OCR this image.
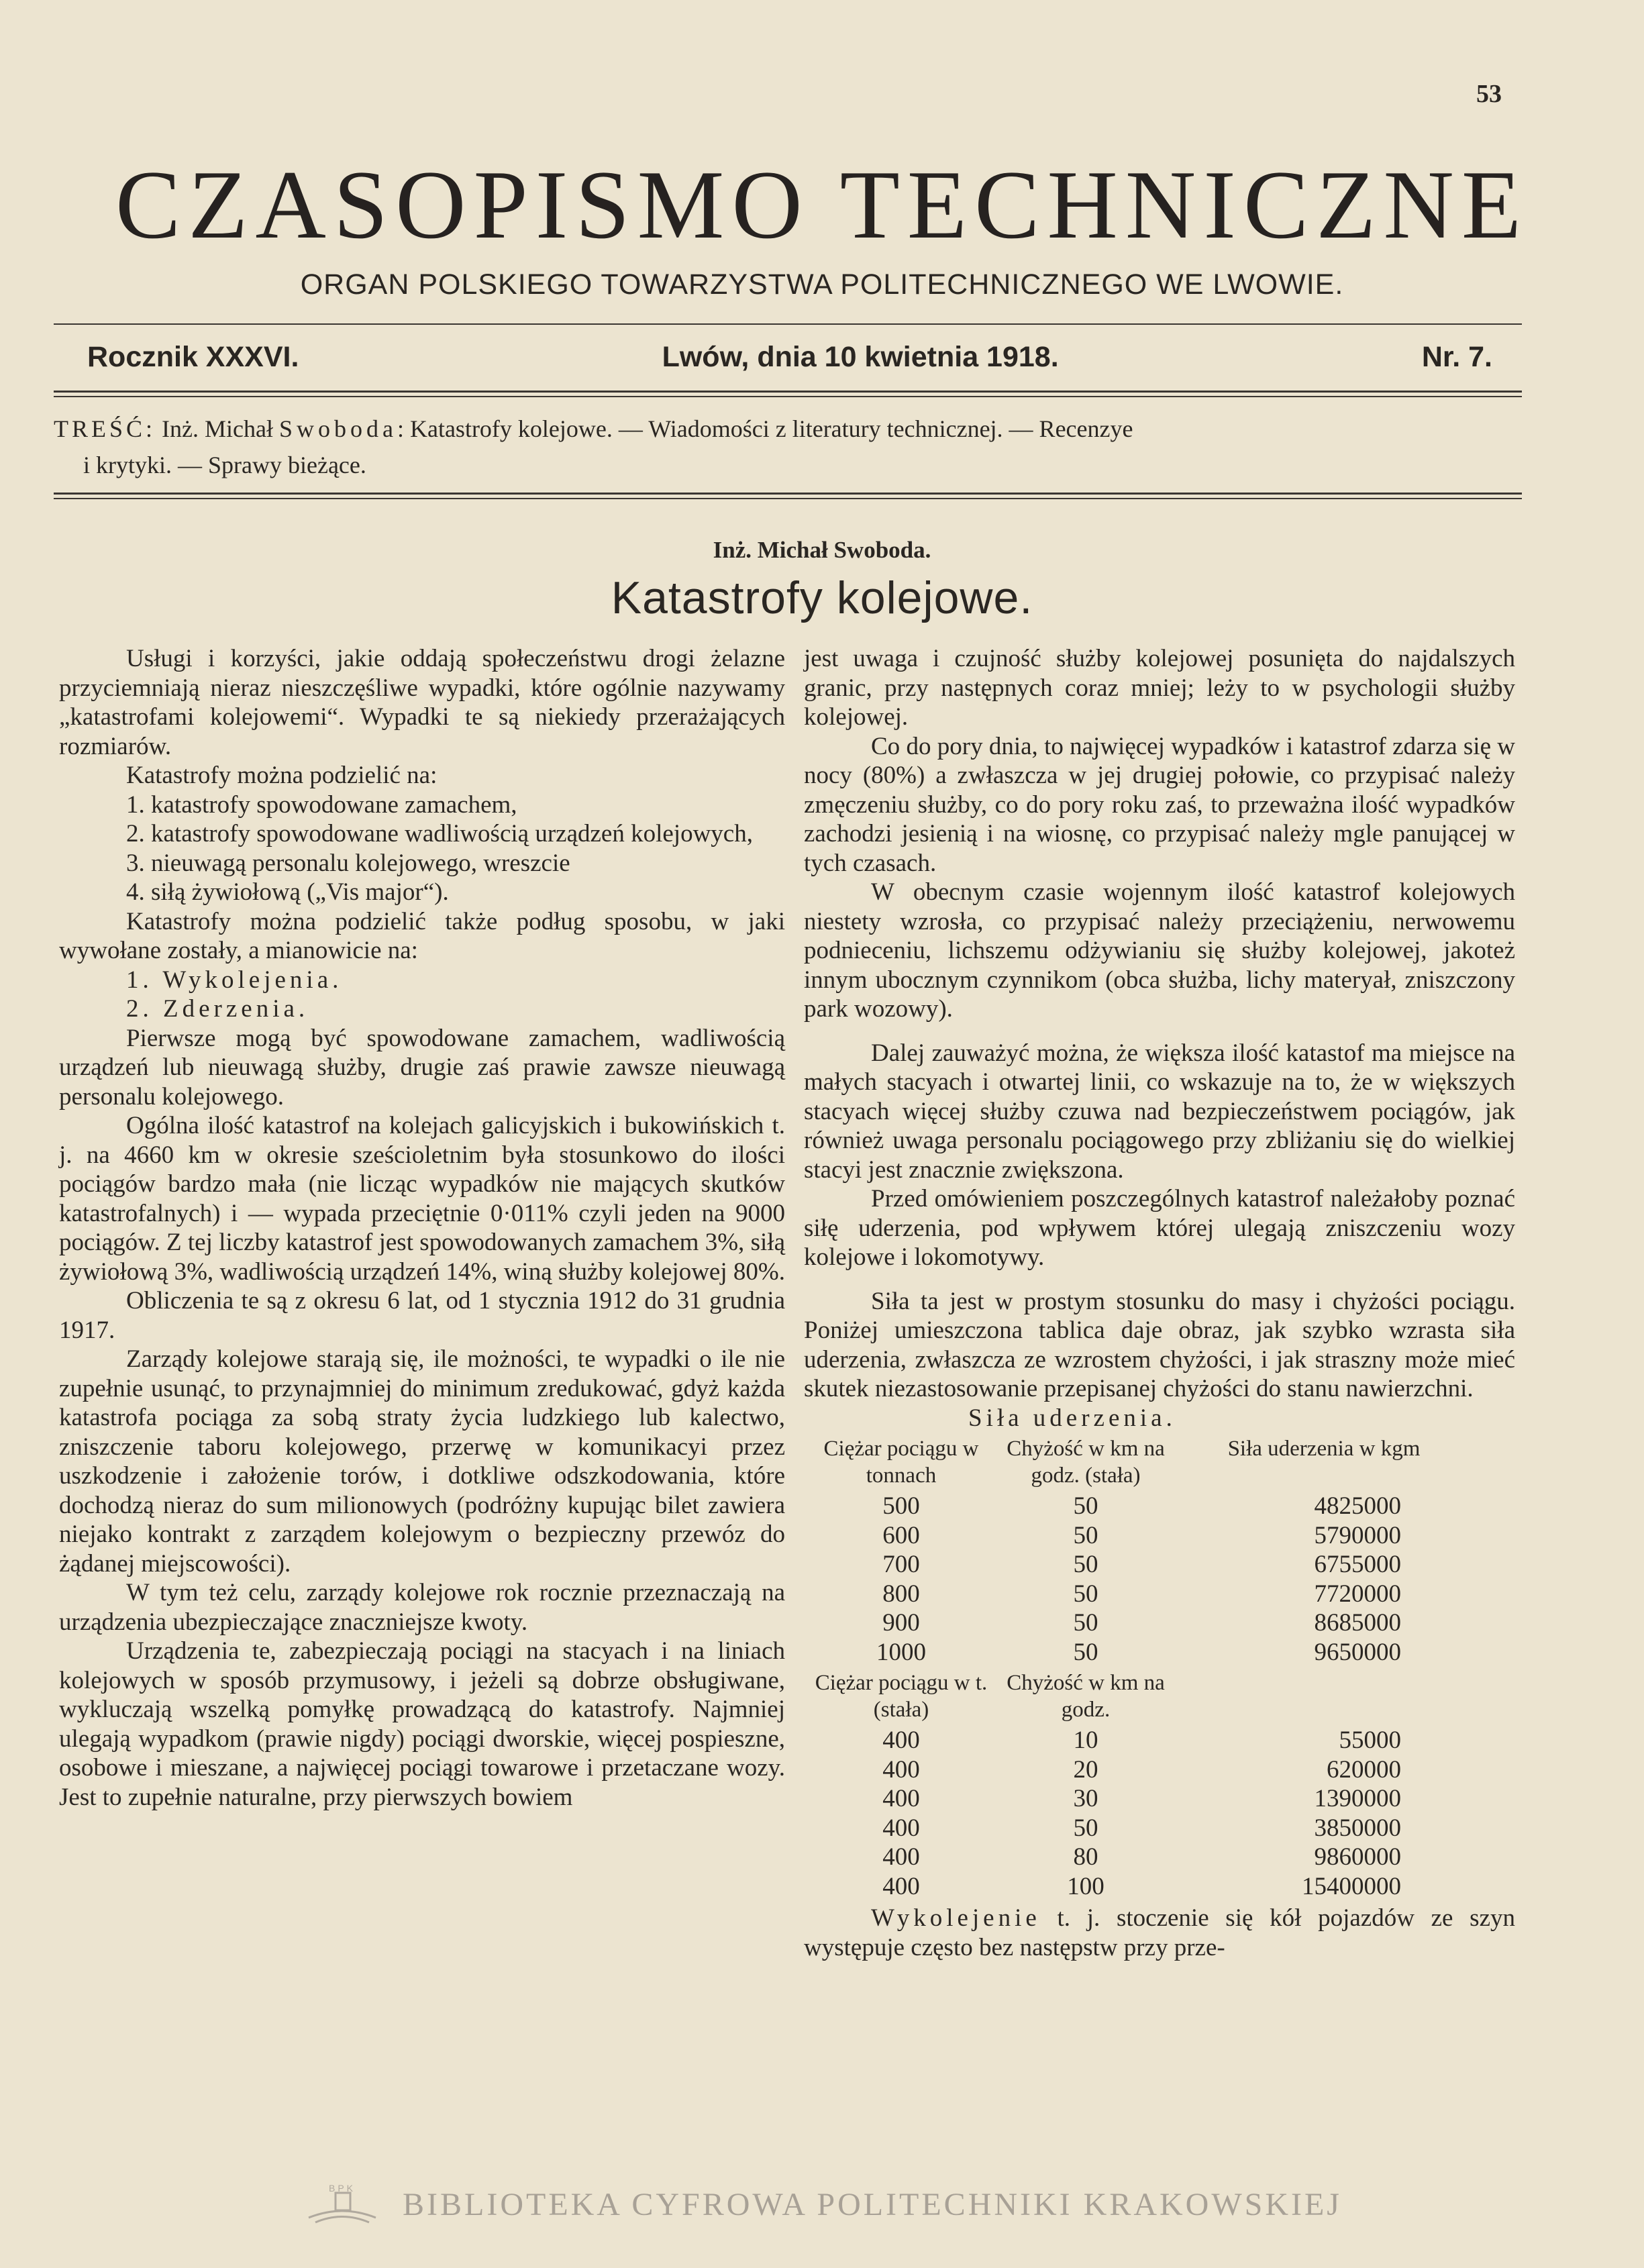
53
CZASOPISMO TECHNICZNE
ORGAN POLSKIEGO TOWARZYSTWA POLITECHNICZNEGO WE LWOWIE.
Rocznik XXXVI.	Lwów, dnia 10 kwietnia 1918.	Nr. 7.
TREŚĆ: Inż. Michał Swoboda: Katastrofy kolejowe. — Wiadomości z literatury technicznej. — Recenzye
i krytyki. — Sprawy bieżące.
Inż. Michał Swoboda.
Katastrofy kolejowe.

Usługi i korzyści, jakie oddają społeczeństwu drogi żelazne przyciemniają nieraz nieszczęśliwe wypadki, które ogólnie nazywamy „katastrofami kolejowemi“. Wypadki te są niekiedy przerażających rozmiarów.

Katastrofy można podzielić na:

1. katastrofy spowodowane zamachem,

2. katastrofy spowodowane wadliwością urządzeń kolejowych,

3. nieuwagą personalu kolejowego, wreszcie

4. siłą żywiołową („Vis major“).

Katastrofy można podzielić także podług sposobu, w jaki wywołane zostały, a mianowicie na:

1. Wykolejenia.

2. Zderzenia.

Pierwsze mogą być spowodowane zamachem, wadliwością urządzeń lub nieuwagą służby, drugie zaś prawie zawsze nieuwagą personalu kolejowego.

Ogólna ilość katastrof na kolejach galicyjskich i bukowińskich t. j. na 4660 km w okresie sześcioletnim była stosunkowo do ilości pociągów bardzo mała (nie licząc wypadków nie mających skutków katastrofalnych) i — wypada przeciętnie 0·011% czyli jeden na 9000 pociągów. Z tej liczby katastrof jest spowodowanych zamachem 3%, siłą żywiołową 3%, wadliwością urządzeń 14%, winą służby kolejowej 80%.

Obliczenia te są z okresu 6 lat, od 1 stycznia 1912 do 31 grudnia 1917.

Zarządy kolejowe starają się, ile możności, te wypadki o ile nie zupełnie usunąć, to przynajmniej do minimum zredukować, gdyż każda katastrofa pociąga za sobą straty życia ludzkiego lub kalectwo, zniszczenie taboru kolejowego, przerwę w komunikacyi przez uszkodzenie i założenie torów, i dotkliwe odszkodowania, które dochodzą nieraz do sum milionowych (podróżny kupując bilet zawiera niejako kontrakt z zarządem kolejowym o bezpieczny przewóz do żądanej miejscowości).

W tym też celu, zarządy kolejowe rok rocznie przeznaczają na urządzenia ubezpieczające znaczniejsze kwoty.

Urządzenia te, zabezpieczają pociągi na stacyach i na liniach kolejowych w sposób przymusowy, i jeżeli są dobrze obsługiwane, wykluczają wszelką pomyłkę prowadzącą do katastrofy. Najmniej ulegają wypadkom (prawie nigdy) pociągi dworskie, więcej pospieszne, osobowe i mieszane, a najwięcej pociągi towarowe i przetaczane wozy. Jest to zupełnie naturalne, przy pierwszych bowiem

jest uwaga i czujność służby kolejowej posunięta do najdalszych granic, przy następnych coraz mniej; leży to w psychologii służby kolejowej.

Co do pory dnia, to najwięcej wypadków i katastrof zdarza się w nocy (80%) a zwłaszcza w jej drugiej połowie, co przypisać należy zmęczeniu służby, co do pory roku zaś, to przeważna ilość wypadków zachodzi jesienią i na wiosnę, co przypisać należy mgle panującej w tych czasach.

W obecnym czasie wojennym ilość katastrof kolejowych niestety wzrosła, co przypisać należy przeciążeniu, nerwowemu podnieceniu, lichszemu odżywianiu się służby kolejowej, jakoteż innym ubocznym czynnikom (obca służba, lichy materyał, zniszczony park wozowy).

Dalej zauważyć można, że większa ilość katastof ma miejsce na małych stacyach i otwartej linii, co wskazuje na to, że w większych stacyach więcej służby czuwa nad bezpieczeństwem pociągów, jak również uwaga personalu pociągowego przy zbliżaniu się do wielkiej stacyi jest znacznie zwiększona.

Przed omówieniem poszczególnych katastrof należałoby poznać siłę uderzenia, pod wpływem której ulegają zniszczeniu wozy kolejowe i lokomotywy.

Siła ta jest w prostym stosunku do masy i chyżości pociągu. Poniżej umieszczona tablica daje obraz, jak szybko wzrasta siła uderzenia, zwłaszcza ze wzrostem chyżości, i jak straszny może mieć skutek niezastosowanie przepisanej chyżości do stanu nawierzchni.

Siła uderzenia.

Ciężar pociągu w tonnach	Chyżość w km na godz. (stała)	Siła uderzenia w kgm
500	50	4825000
600	50	5790000
700	50	6755000
800	50	7720000
900	50	8685000
1000	50	9650000
Ciężar pociągu w t. (stała)	Chyżość w km na godz.	
400	10	55000
400	20	620000
400	30	1390000
400	50	3850000
400	80	9860000
400	100	15400000

Wykolejenie t. j. stoczenie się kół pojazdów ze szyn występuje często bez następstw przy prze-

BPK BIBLIOTEKA CYFROWA POLITECHNIKI KRAKOWSKIEJ
